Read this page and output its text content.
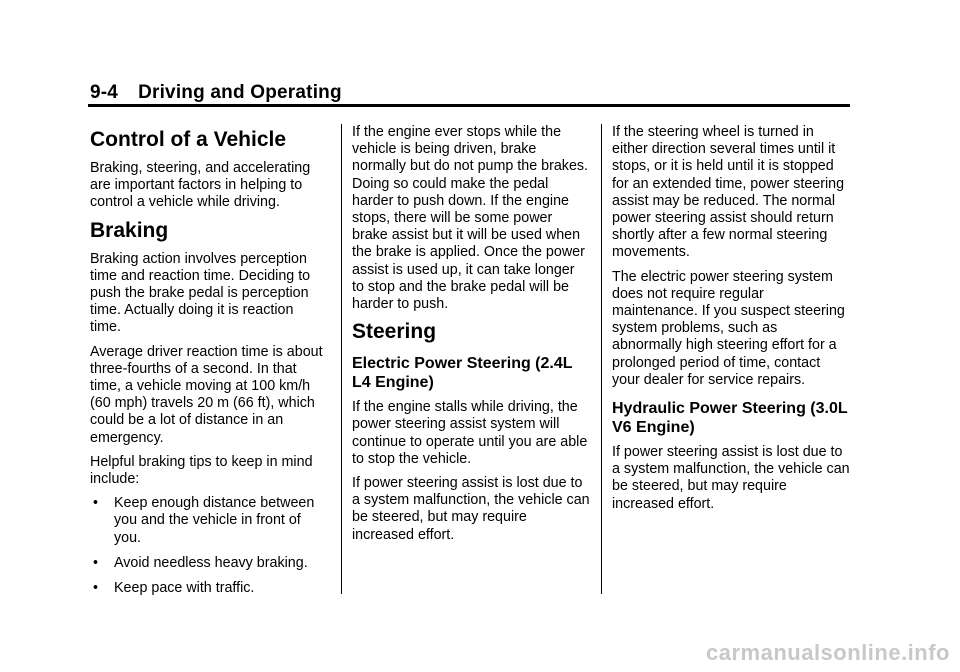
9-4 Driving and Operating
Control of a Vehicle

Braking, steering, and accelerating are important factors in helping to control a vehicle while driving.

Braking

Braking action involves perception time and reaction time. Deciding to push the brake pedal is perception time. Actually doing it is reaction time.

Average driver reaction time is about three-fourths of a second. In that time, a vehicle moving at 100 km/h (60 mph) travels 20 m (66 ft), which could be a lot of distance in an emergency.

Helpful braking tips to keep in mind include:

• Keep enough distance between you and the vehicle in front of you.
• Avoid needless heavy braking.
• Keep pace with traffic.

If the engine ever stops while the vehicle is being driven, brake normally but do not pump the brakes. Doing so could make the pedal harder to push down. If the engine stops, there will be some power brake assist but it will be used when the brake is applied. Once the power assist is used up, it can take longer to stop and the brake pedal will be harder to push.

Steering
Electric Power Steering (2.4L L4 Engine)

If the engine stalls while driving, the power steering assist system will continue to operate until you are able to stop the vehicle.

If power steering assist is lost due to a system malfunction, the vehicle can be steered, but may require increased effort.

If the steering wheel is turned in either direction several times until it stops, or it is held until it is stopped for an extended time, power steering assist may be reduced. The normal power steering assist should return shortly after a few normal steering movements.

The electric power steering system does not require regular maintenance. If you suspect steering system problems, such as abnormally high steering effort for a prolonged period of time, contact your dealer for service repairs.

Hydraulic Power Steering (3.0L V6 Engine)

If power steering assist is lost due to a system malfunction, the vehicle can be steered, but may require increased effort.

carmanualsonline.info
